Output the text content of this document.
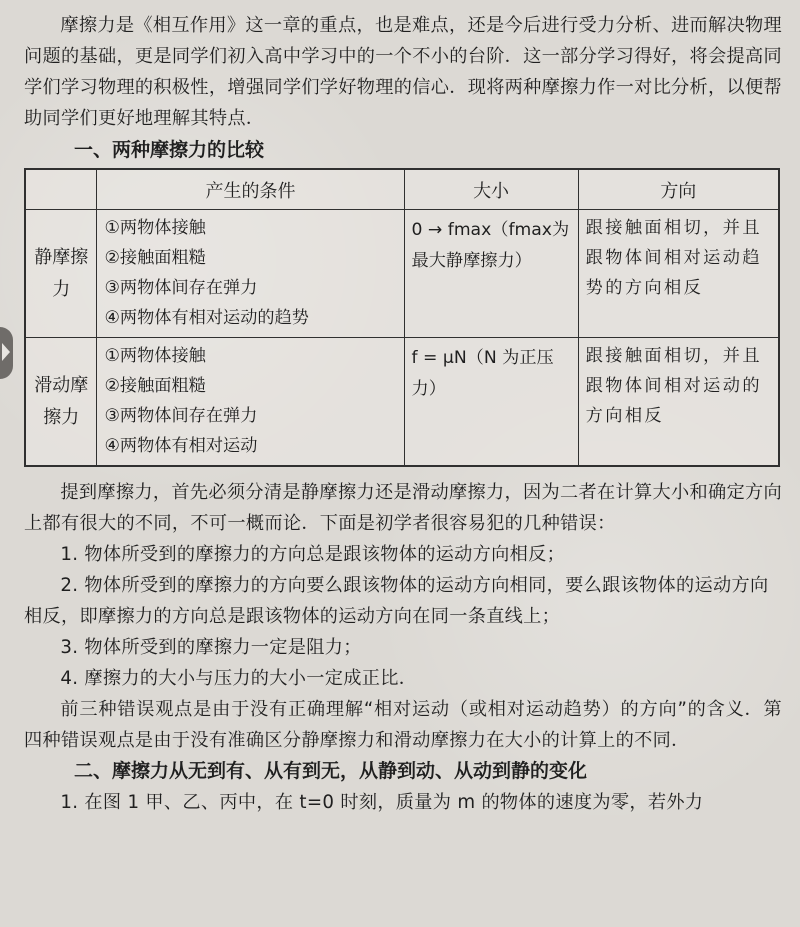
摩擦力是《相互作用》这一章的重点，也是难点，还是今后进行受力分析、进而解决物理问题的基础，更是同学们初入高中学习中的一个不小的台阶．这一部分学习得好，将会提高同学们学习物理的积极性，增强同学们学好物理的信心．现将两种摩擦力作一对比分析，以便帮助同学们更好地理解其特点．

一、两种摩擦力的比较
	产生的条件	大小	方向
静摩擦力	①两物体接触
②接触面粗糙
③两物体间存在弹力
④两物体有相对运动的趋势	0 → fmax（fmax为最大静摩擦力）	跟接触面相切，并且跟物体间相对运动趋势的方向相反
滑动摩擦力	①两物体接触
②接触面粗糙
③两物体间存在弹力
④两物体有相对运动	f = μN（N 为正压力）	跟接触面相切，并且跟物体间相对运动的方向相反

提到摩擦力，首先必须分清是静摩擦力还是滑动摩擦力，因为二者在计算大小和确定方向上都有很大的不同，不可一概而论．下面是初学者很容易犯的几种错误：

1. 物体所受到的摩擦力的方向总是跟该物体的运动方向相反；

2. 物体所受到的摩擦力的方向要么跟该物体的运动方向相同，要么跟该物体的运动方向相反，即摩擦力的方向总是跟该物体的运动方向在同一条直线上；

3. 物体所受到的摩擦力一定是阻力；

4. 摩擦力的大小与压力的大小一定成正比．

前三种错误观点是由于没有正确理解“相对运动（或相对运动趋势）的方向”的含义．第四种错误观点是由于没有准确区分静摩擦力和滑动摩擦力在大小的计算上的不同．

二、摩擦力从无到有、从有到无，从静到动、从动到静的变化

1. 在图 1 甲、乙、丙中，在 t=0 时刻，质量为 m 的物体的速度为零，若外力
